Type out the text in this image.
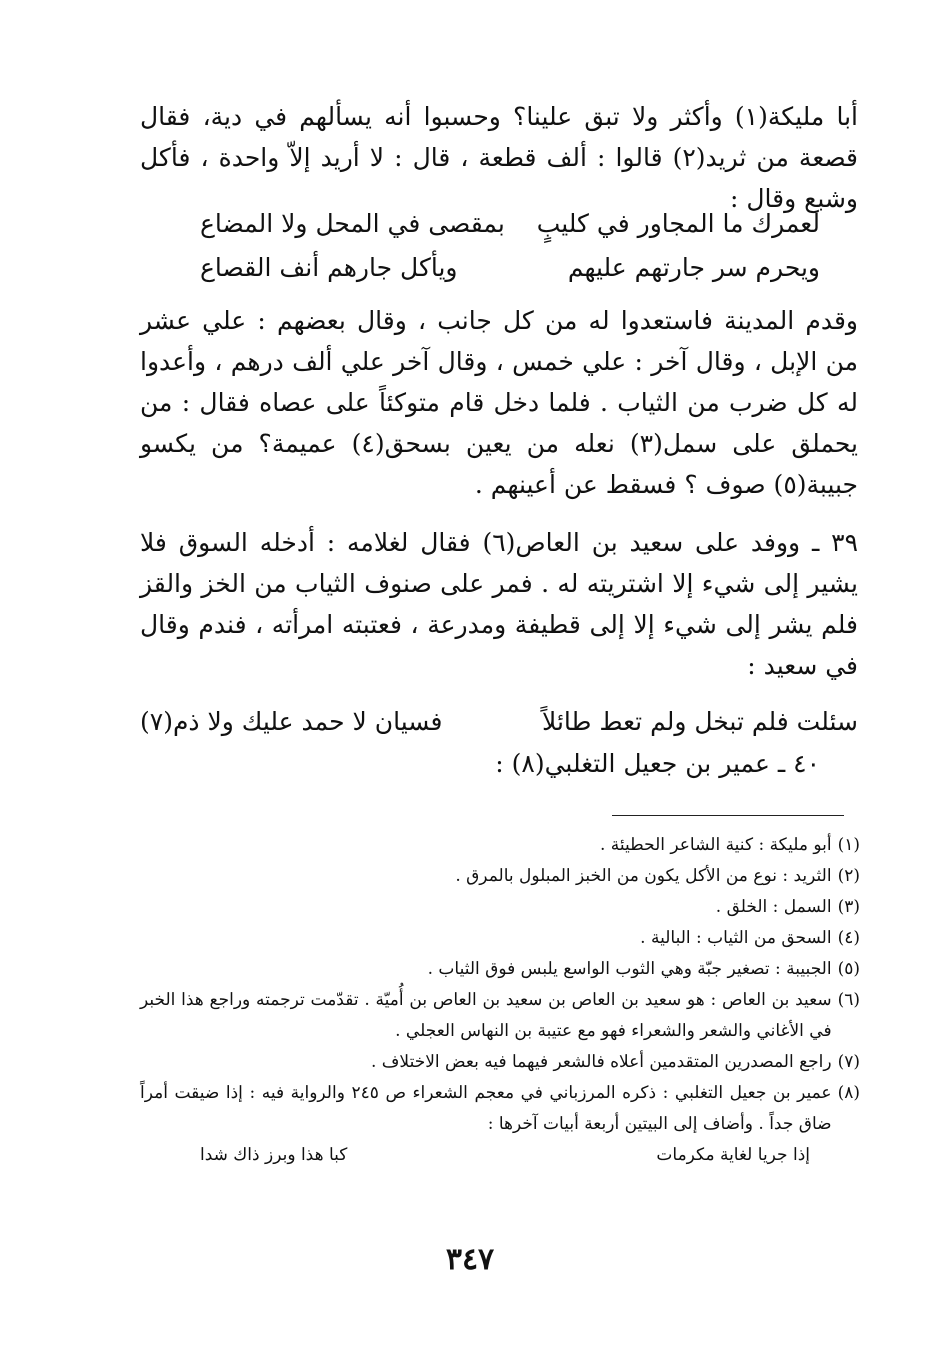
أبا مليكة(١) وأكثر ولا تبق علينا؟ وحسبوا أنه يسألهم في دية، فقال قصعة من ثريد(٢) قالوا : ألف قطعة ، قال : لا أريد إلاّ واحدة ، فأكل وشبع وقال :
لعمرك ما المجاور في كليبٍ
بمقصى في المحل ولا المضاع
ويحرم سر جارتهم عليهم
ويأكل جارهم أنف القصاع
وقدم المدينة فاستعدوا له من كل جانب ، وقال بعضهم : علي عشر من الإبل ، وقال آخر : علي خمس ، وقال آخر علي ألف درهم ، وأعدوا له كل ضرب من الثياب . فلما دخل قام متوكئاً على عصاه فقال : من يحملق على سمل(٣) نعله من يعين بسحق(٤) عميمة؟ من يكسو جبيبة(٥) صوف ؟ فسقط عن أعينهم .
٣٩ ـ ووفد على سعيد بن العاص(٦) فقال لغلامه : أدخله السوق فلا يشير إلى شيء إلا اشتريته له . فمر على صنوف الثياب من الخز والقز فلم يشر إلى شيء إلا إلى قطيفة ومدرعة ، فعتبته امرأته ، فندم وقال في سعيد :
سئلت فلم تبخل ولم تعط طائلاً
فسيان لا حمد عليك ولا ذم(٧)
٤٠ ـ عمير بن جعيل التغلبي(٨) :
(١)
أبو مليكة : كنية الشاعر الحطيئة .
(٢)
الثريد : نوع من الأكل يكون من الخبز المبلول بالمرق .
(٣)
السمل : الخلق .
(٤)
السحق من الثياب : البالية .
(٥)
الجبيبة : تصغير جبّة وهي الثوب الواسع يلبس فوق الثياب .
(٦)
سعيد بن العاص : هو سعيد بن العاص بن سعيد بن العاص بن أُميّة . تقدّمت ترجمته وراجع هذا الخبر في الأغاني والشعر والشعراء فهو مع عتيبة بن النهاس العجلي .
(٧)
راجع المصدرين المتقدمين أعلاه فالشعر فيهما فيه بعض الاختلاف .
(٨)
عمير بن جعيل التغلبي : ذكره المرزباني في معجم الشعراء ص ٢٤٥ والرواية فيه : إذا ضيقت أمراً ضاق جداً . وأضاف إلى البيتين أربعة أبيات آخرها :
إذا جريا لغاية مكرمات
كبا هذا وبرز ذاك شدا
٣٤٧
